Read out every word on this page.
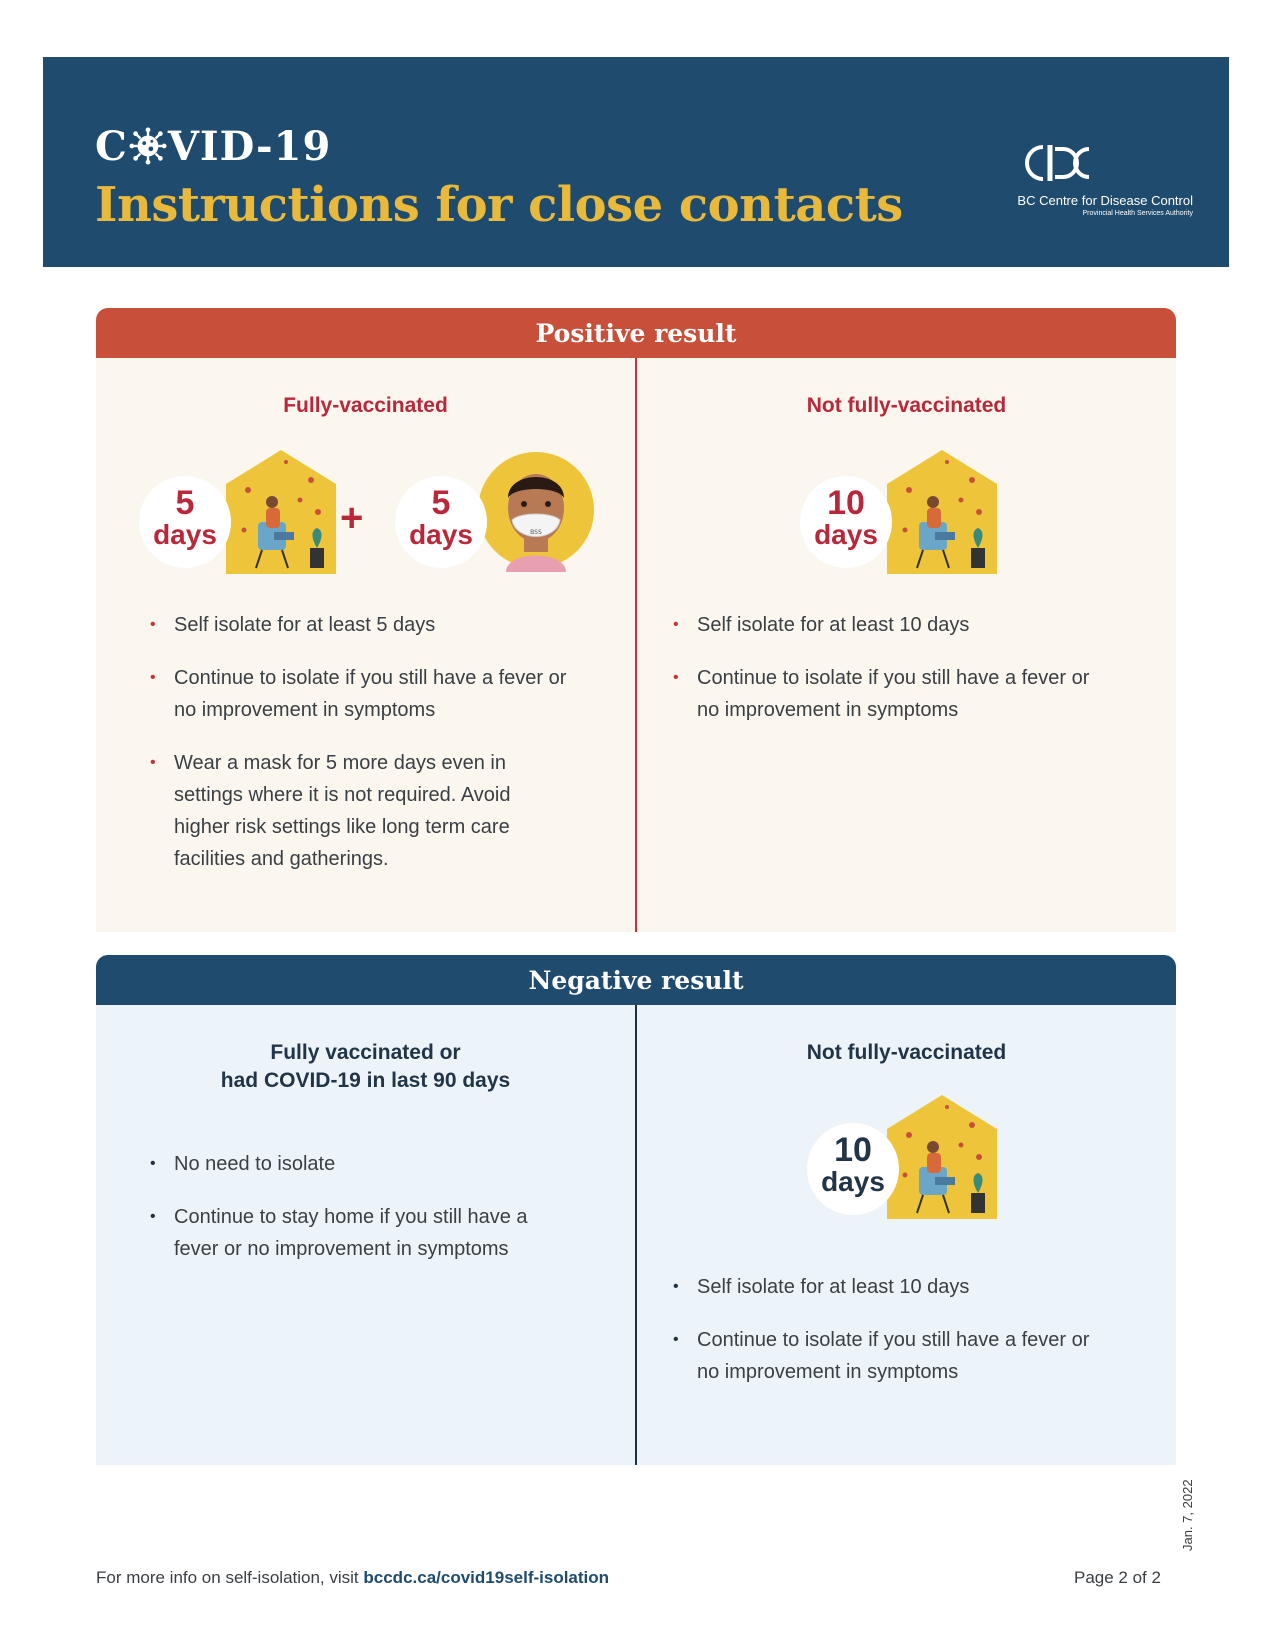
C VID-19
Instructions for close contacts	BC Centre for Disease Control
Provincial Health Services Authority
Positive result

Fully-vaccinated

5
days	+	BSS
5
days
• Self isolate for at least 5 days
• Continue to isolate if you still have a fever or no improvement in symptoms
• Wear a mask for 5 more days even in settings where it is not required. Avoid higher risk settings like long term care facilities and gatherings.

Not fully-vaccinated

10
days
• Self isolate for at least 10 days
• Continue to isolate if you still have a fever or no improvement in symptoms
Negative result

Fully vaccinated or
had COVID-19 in last 90 days

• No need to isolate
• Continue to stay home if you still have a fever or no improvement in symptoms

Not fully-vaccinated

10
days
• Self isolate for at least 10 days
• Continue to isolate if you still have a fever or no improvement in symptoms
For more info on self-isolation, visit bccdc.ca/covid19self-isolation	Page 2 of 2
Jan. 7, 2022
